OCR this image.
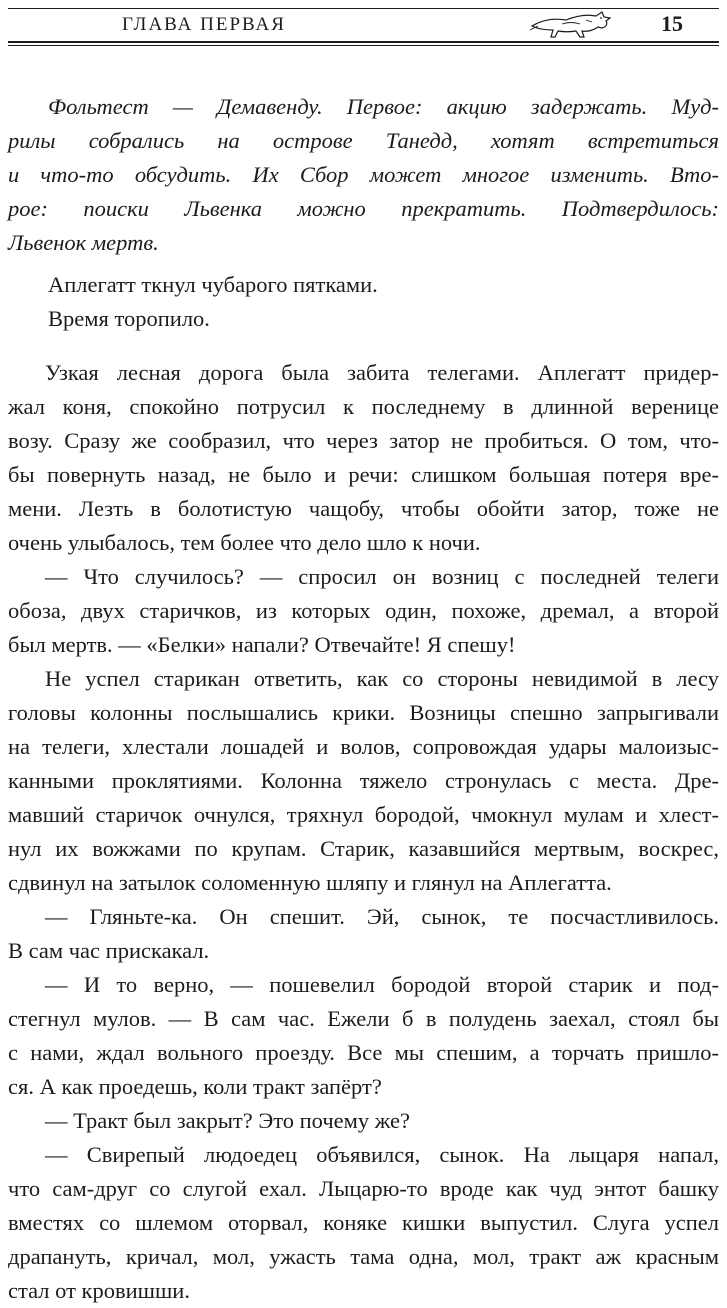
ГЛАВА ПЕРВАЯ	15
Фольтест — Демавенду. Первое: акцию задержать. Муд-
рилы собрались на острове Танедд, хотят встретиться
и что-то обсудить. Их Сбор может многое изменить. Вто-
рое: поиски Львенка можно прекратить. Подтвердилось:
Львенок мертв.
Аплегатт ткнул чубарого пятками.
Время торопило.
Узкая лесная дорога была забита телегами. Аплегатт придер-
жал коня, спокойно потрусил к последнему в длинной веренице
возу. Сразу же сообразил, что через затор не пробиться. О том, что-
бы повернуть назад, не было и речи: слишком большая потеря вре-
мени. Лезть в болотистую чащобу, чтобы обойти затор, тоже не
очень улыбалось, тем более что дело шло к ночи.
— Что случилось? — спросил он возниц с последней телеги
обоза, двух старичков, из которых один, похоже, дремал, а второй
был мертв. — «Белки» напали? Отвечайте! Я спешу!
Не успел старикан ответить, как со стороны невидимой в лесу
головы колонны послышались крики. Возницы спешно запрыгивали
на телеги, хлестали лошадей и волов, сопровождая удары малоизыс-
канными проклятиями. Колонна тяжело стронулась с места. Дре-
мавший старичок очнулся, тряхнул бородой, чмокнул мулам и хлест-
нул их вожжами по крупам. Старик, казавшийся мертвым, воскрес,
сдвинул на затылок соломенную шляпу и глянул на Аплегатта.
— Гляньте-ка. Он спешит. Эй, сынок, те посчастливилось.
В сам час прискакал.
— И то верно, — пошевелил бородой второй старик и под-
стегнул мулов. — В сам час. Ежели б в полудень заехал, стоял бы
с нами, ждал вольного проезду. Все мы спешим, а торчать пришло-
ся. А как проедешь, коли тракт запёрт?
— Тракт был закрыт? Это почему же?
— Свирепый людоедец объявился, сынок. На лыцаря напал,
что сам-друг со слугой ехал. Лыцарю-то вроде как чуд энтот башку
вместях со шлемом оторвал, коняке кишки выпустил. Слуга успел
драпануть, кричал, мол, ужасть тама одна, мол, тракт аж красным
стал от кровишши.
